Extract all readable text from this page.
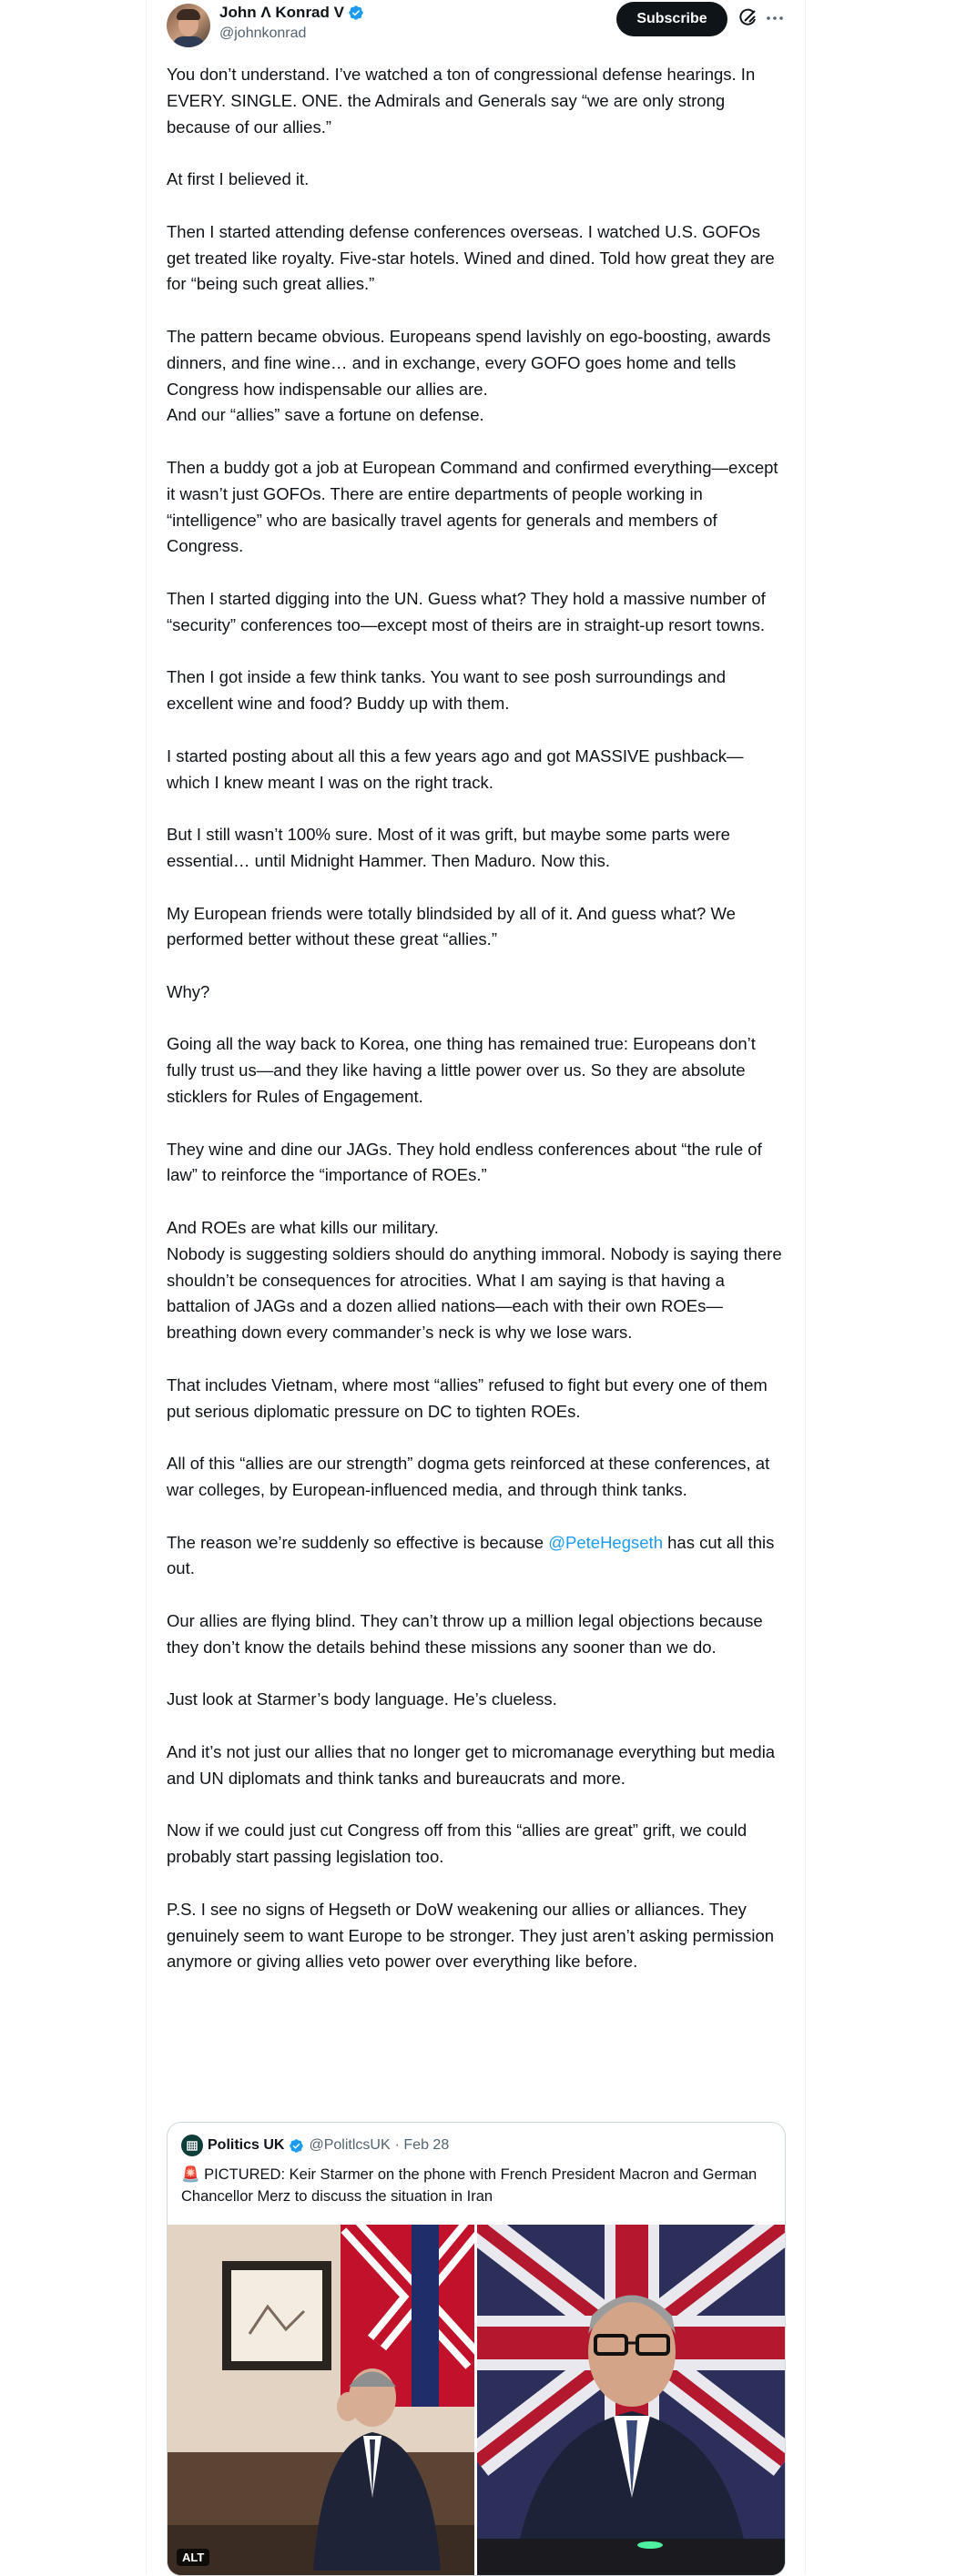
John Λ Konrad V
@johnkonrad
Subscribe

You don’t understand. I’ve watched a ton of congressional defense hearings. In EVERY. SINGLE. ONE. the Admirals and Generals say “we are only strong because of our allies.”

At first I believed it.

Then I started attending defense conferences overseas. I watched U.S. GOFOs get treated like royalty. Five-star hotels. Wined and dined. Told how great they are for “being such great allies.”

The pattern became obvious. Europeans spend lavishly on ego-boosting, awards dinners, and fine wine… and in exchange, every GOFO goes home and tells Congress how indispensable our allies are.
And our “allies” save a fortune on defense.

Then a buddy got a job at European Command and confirmed everything—except it wasn’t just GOFOs. There are entire departments of people working in “intelligence” who are basically travel agents for generals and members of Congress.

Then I started digging into the UN. Guess what? They hold a massive number of “security” conferences too—except most of theirs are in straight-up resort towns.

Then I got inside a few think tanks. You want to see posh surroundings and excellent wine and food? Buddy up with them.

I started posting about all this a few years ago and got MASSIVE pushback—which I knew meant I was on the right track.

But I still wasn’t 100% sure. Most of it was grift, but maybe some parts were essential… until Midnight Hammer. Then Maduro. Now this.

My European friends were totally blindsided by all of it. And guess what? We performed better without these great “allies.”

Why?

Going all the way back to Korea, one thing has remained true: Europeans don’t fully trust us—and they like having a little power over us. So they are absolute sticklers for Rules of Engagement.

They wine and dine our JAGs. They hold endless conferences about “the rule of law” to reinforce the “importance of ROEs.”

And ROEs are what kills our military.
Nobody is suggesting soldiers should do anything immoral. Nobody is saying there shouldn’t be consequences for atrocities. What I am saying is that having a battalion of JAGs and a dozen allied nations—each with their own ROEs—breathing down every commander’s neck is why we lose wars.

That includes Vietnam, where most “allies” refused to fight but every one of them put serious diplomatic pressure on DC to tighten ROEs.

All of this “allies are our strength” dogma gets reinforced at these conferences, at war colleges, by European-influenced media, and through think tanks.

The reason we’re suddenly so effective is because @PeteHegseth has cut all this out.

Our allies are flying blind. They can’t throw up a million legal objections because they don’t know the details behind these missions any sooner than we do.

Just look at Starmer’s body language. He’s clueless.

And it’s not just our allies that no longer get to micromanage everything but media and UN diplomats and think tanks and bureaucrats and more.

Now if we could just cut Congress off from this “allies are great” grift, we could probably start passing legislation too.

P.S. I see no signs of Hegseth or DoW weakening our allies or alliances. They genuinely seem to want Europe to be stronger. They just aren’t asking permission anymore or giving allies veto power over everything like before.

Politics UK @PolitlcsUK · Feb 28
🚨 PICTURED: Keir Starmer on the phone with French President Macron and German Chancellor Merz to discuss the situation in Iran
ALT
